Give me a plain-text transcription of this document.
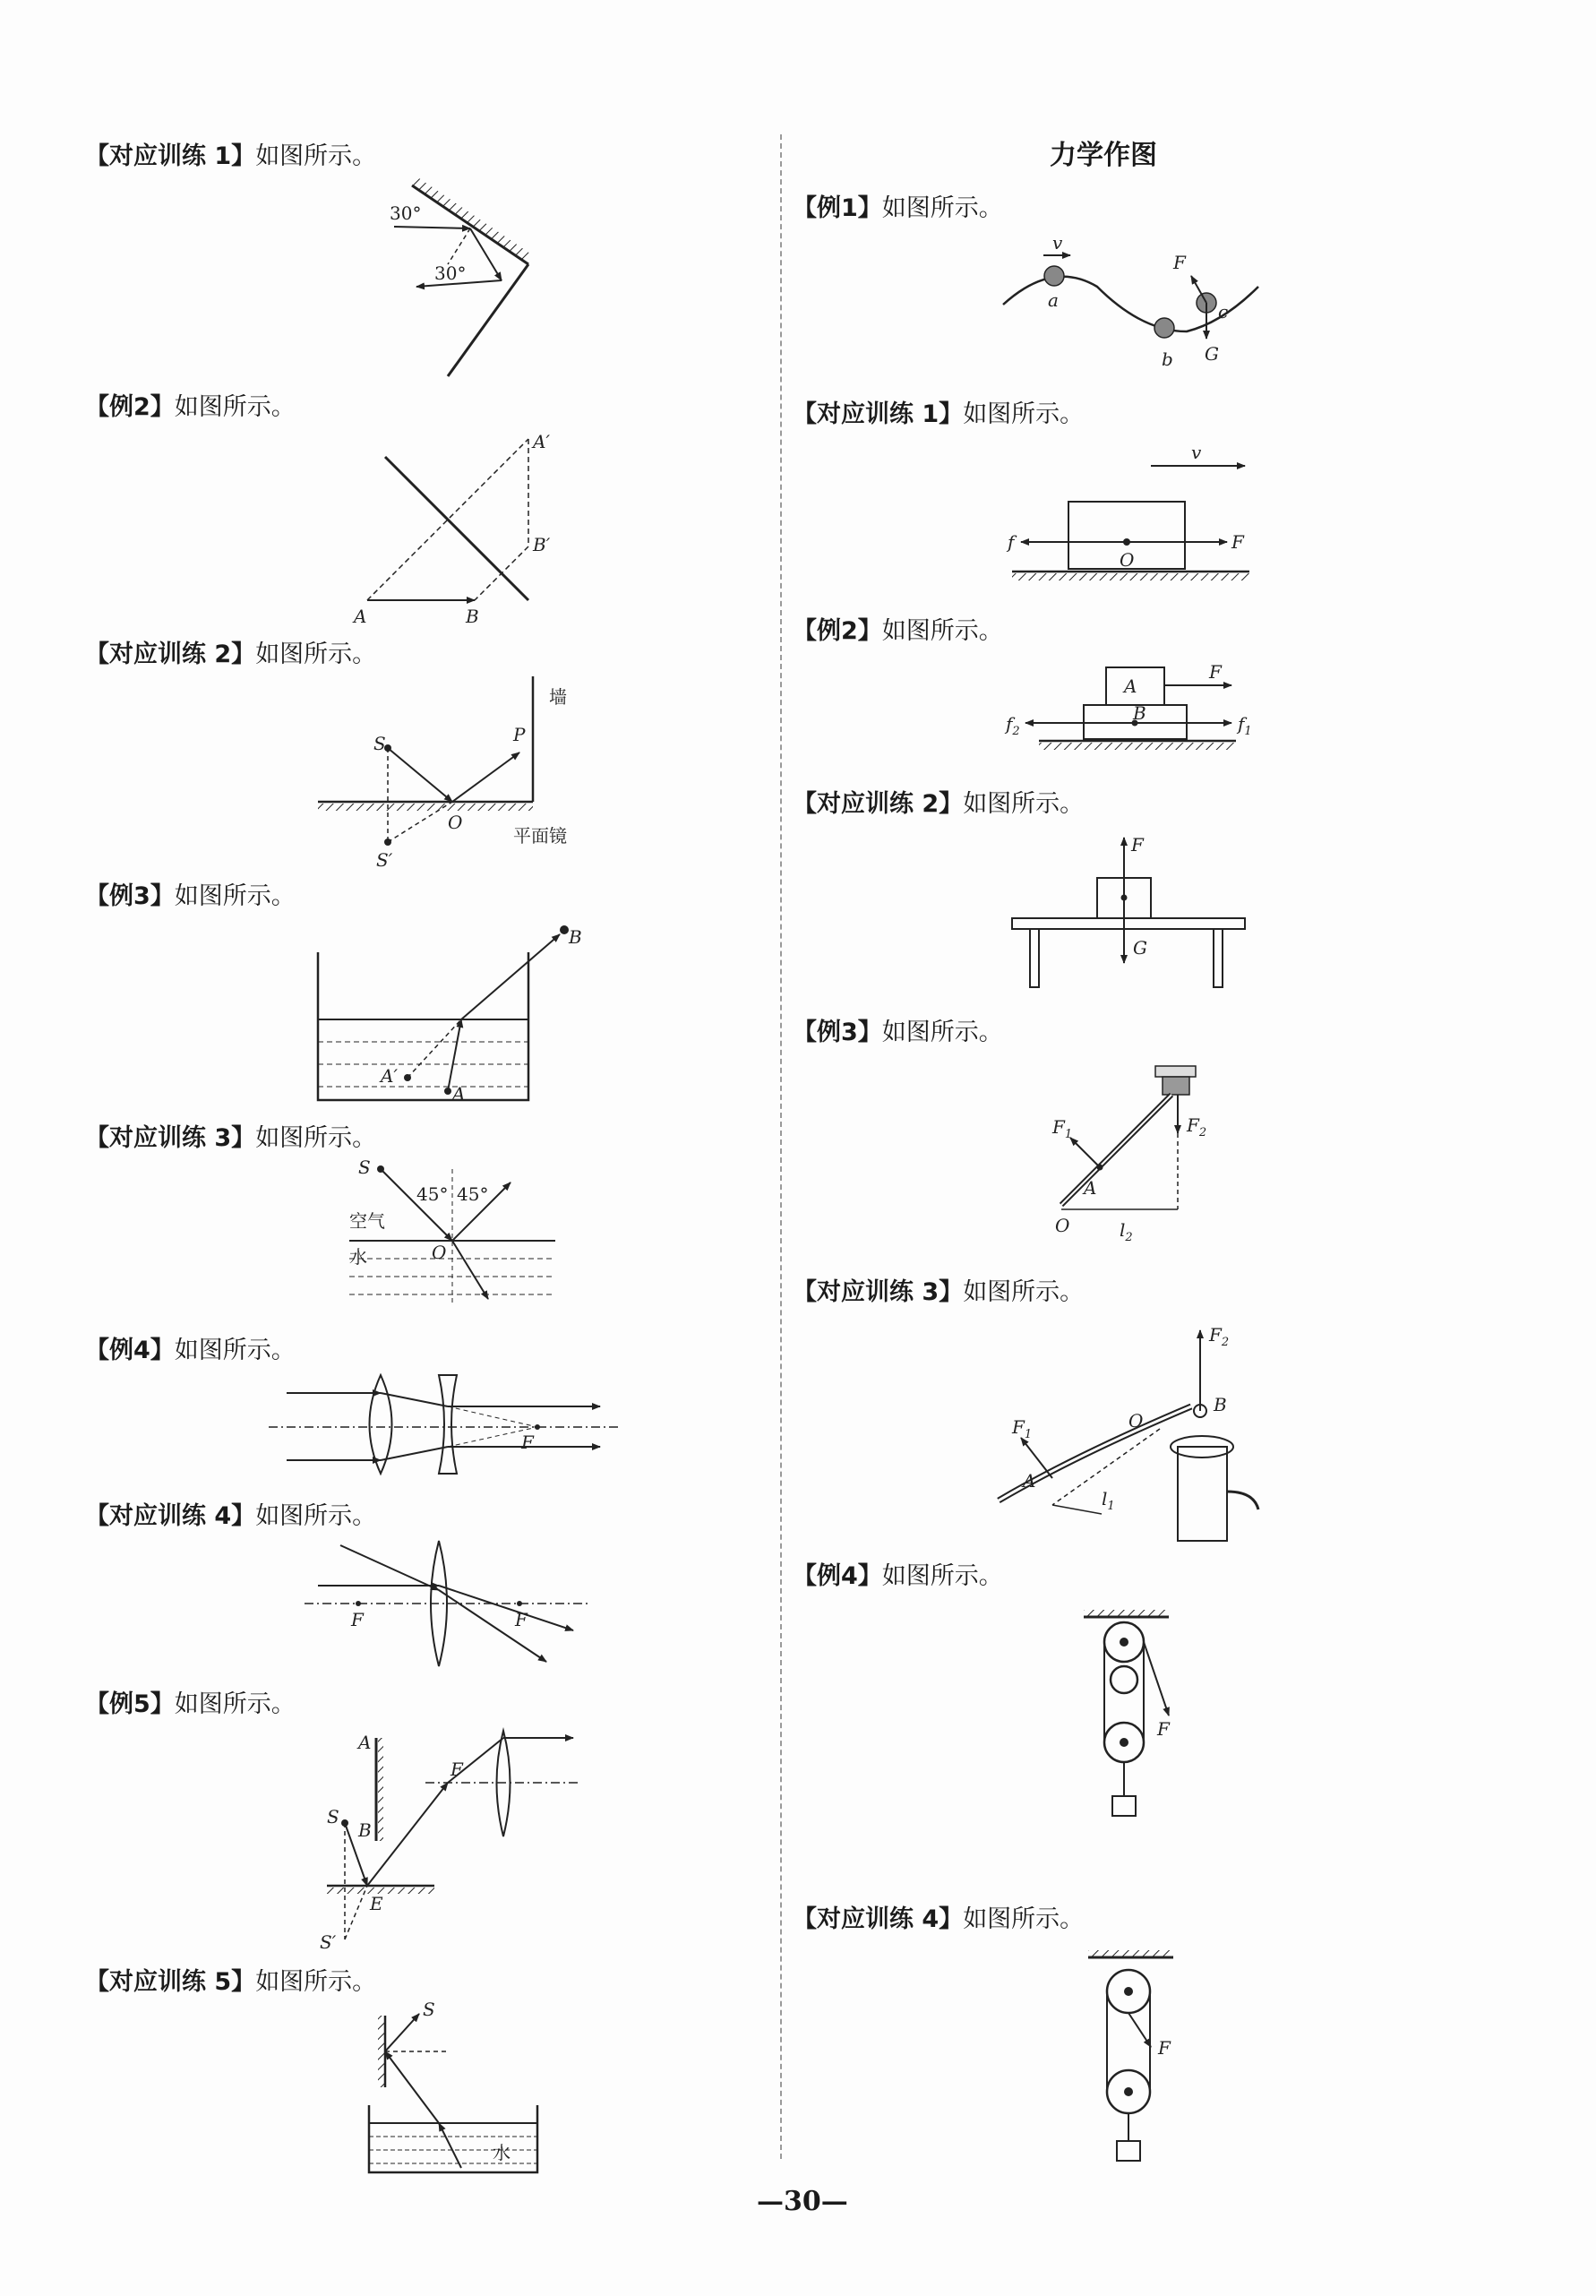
【对应训练 1】如图所示。
【例2】如图所示。
【对应训练 2】如图所示。
【例3】如图所示。
【对应训练 3】如图所示。
【例4】如图所示。
【对应训练 4】如图所示。
【例5】如图所示。
【对应训练 5】如图所示。
力学作图
【例1】如图所示。
【对应训练 1】如图所示。
【例2】如图所示。
【对应训练 2】如图所示。
【例3】如图所示。
【对应训练 3】如图所示。
【例4】如图所示。
【对应训练 4】如图所示。
—30—
30°
30°
A	B
A′
B′
S
S′
O
P
墙
平面镜
A
A′
B
S
O
空气
水
45° 45°
F
F	F
A
B
S
S′
E
F
S
水
v
a
b
c
F
G
v
f	F
O
A
B
F
$f_2$	$f_1$
F
G
$F_1$	$F_2$
A
O	$l_2$
$F_2$
B
O
$F_1$
A
$l_1$
F
F
